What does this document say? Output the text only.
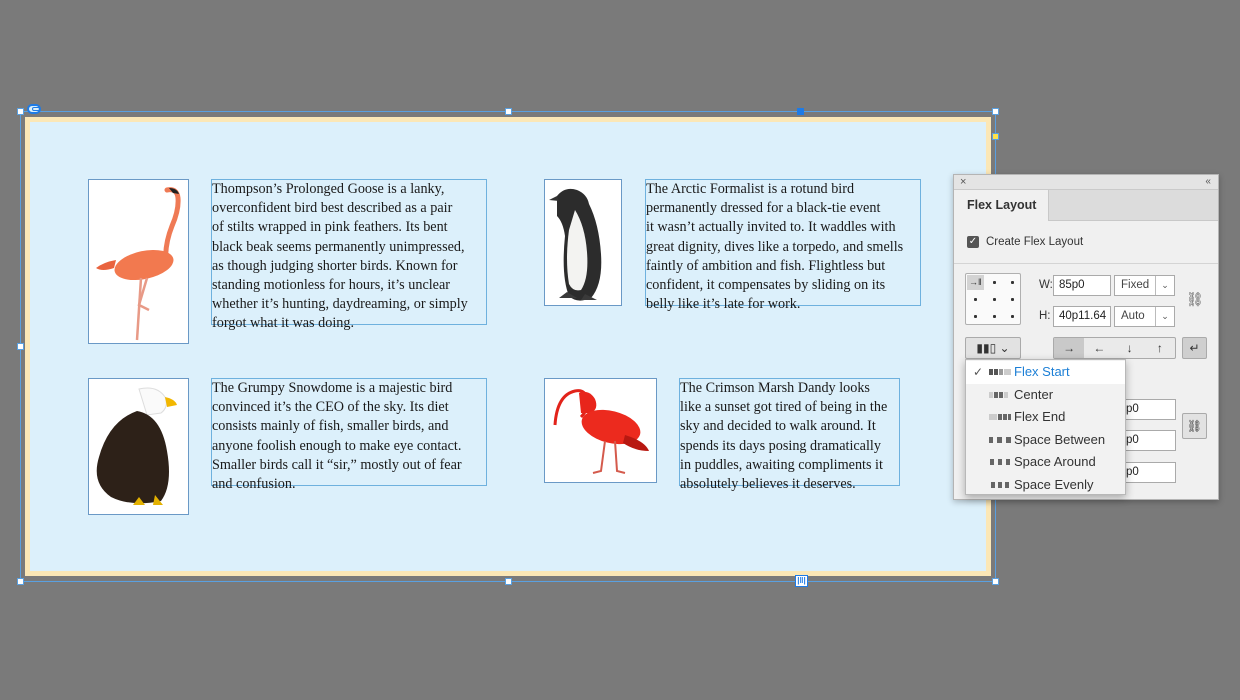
|‖|
Thompson’s Prolonged Goose is a lanky,
overconfident bird best described as a pair
of stilts wrapped in pink feathers. Its bent
black beak seems permanently unimpressed,
as though judging shorter birds. Known for
standing motionless for hours, it’s unclear
whether it’s hunting, daydreaming, or simply
forgot what it was doing.
The Arctic Formalist is a rotund bird
permanently dressed for a black-tie event
it wasn’t actually invited to. It waddles with
great dignity, dives like a torpedo, and smells
faintly of ambition and fish. Flightless but
confident, it compensates by sliding on its
belly like it’s late for work.
The Grumpy Snowdome is a majestic bird
convinced it’s the CEO of the sky. Its diet
consists mainly of fish, smaller birds, and
anyone foolish enough to make eye contact.
Smaller birds call it “sir,” mostly out of fear
and confusion.
The Crimson Marsh Dandy looks
like a sunset got tired of being in the
sky and decided to walk around. It
spends its days posing dramatically
in puddles, awaiting compliments it
absolutely believes it deserves.
×	‹‹
Flex Layout
✓ Create Flex Layout
→‖	W: 85p0	Fixed	⌄
H: 40p11.64	Auto	⌄
⛓
▮▮▯ ⌄	→	←	↓	↑	↵
p0
p0
p0
⛓
✓ Flex Start
Center
Flex End
Space Between
Space Around
Space Evenly
